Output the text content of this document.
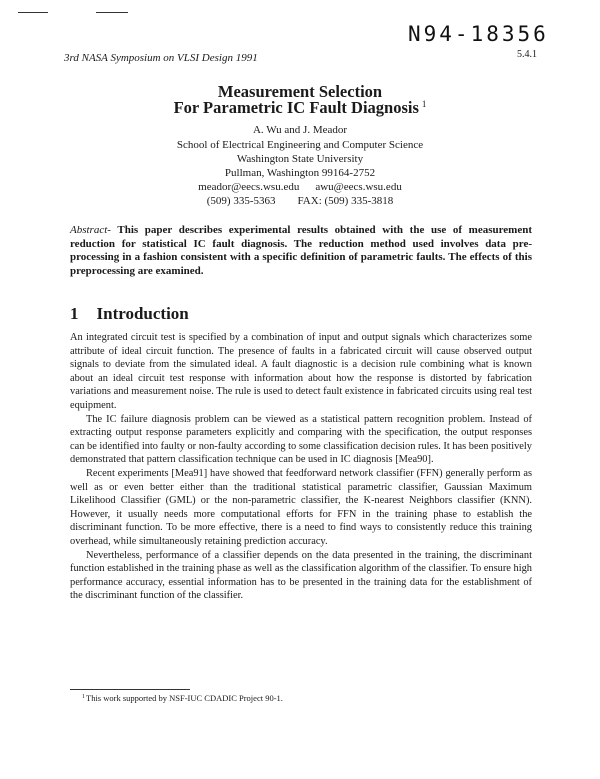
N94-18356
5.4.1
3rd NASA Symposium on VLSI Design 1991
Measurement Selection
For Parametric IC Fault Diagnosis $^1$
A. Wu and J. Meador
School of Electrical Engineering and Computer Science
Washington State University
Pullman, Washington 99164-2752
meador@eecs.wsu.edu awu@eecs.wsu.edu
(509) 335-5363 FAX: (509) 335-3818
Abstract- This paper describes experimental results obtained with the use of measurement reduction for statistical IC fault diagnosis. The reduction method used involves data pre-processing in a fashion consistent with a specific definition of parametric faults. The effects of this preprocessing are examined.
1 Introduction

An integrated circuit test is specified by a combination of input and output signals which characterizes some attribute of ideal circuit function. The presence of faults in a fabricated circuit will cause observed output signals to deviate from the simulated ideal. A fault diagnostic is a decision rule combining what is known about an ideal circuit test response with information about how the response is distorted by fabrication variations and measurement noise. The rule is used to detect fault existence in fabricated circuits using real test equipment.

The IC failure diagnosis problem can be viewed as a statistical pattern recognition problem. Instead of extracting output response parameters explicitly and comparing with the specification, the output responses can be identified into faulty or non-faulty according to some classification decision rules. It has been positively demonstrated that pattern classification technique can be used in IC diagnosis [Mea90].

Recent experiments [Mea91] have showed that feedforward network classifier (FFN) generally perform as well as or even better either than the traditional statistical parametric classifier, Gaussian Maximum Likelihood Classifier (GML) or the non-parametric classifier, the K-nearest Neighbors classifier (KNN). However, it usually needs more computational efforts for FFN in the training phase to establish the discriminant function. To be more effective, there is a need to find ways to consistently reduce this training overhead, while simultaneously retaining prediction accuracy.

Nevertheless, performance of a classifier depends on the data presented in the training, the discriminant function established in the training phase as well as the classification algorithm of the classifier. To ensure high performance accuracy, essential information has to be presented in the training data for the establishment of the discriminant function of the classifier.

$^1$This work supported by NSF-IUC CDADIC Project 90-1.
